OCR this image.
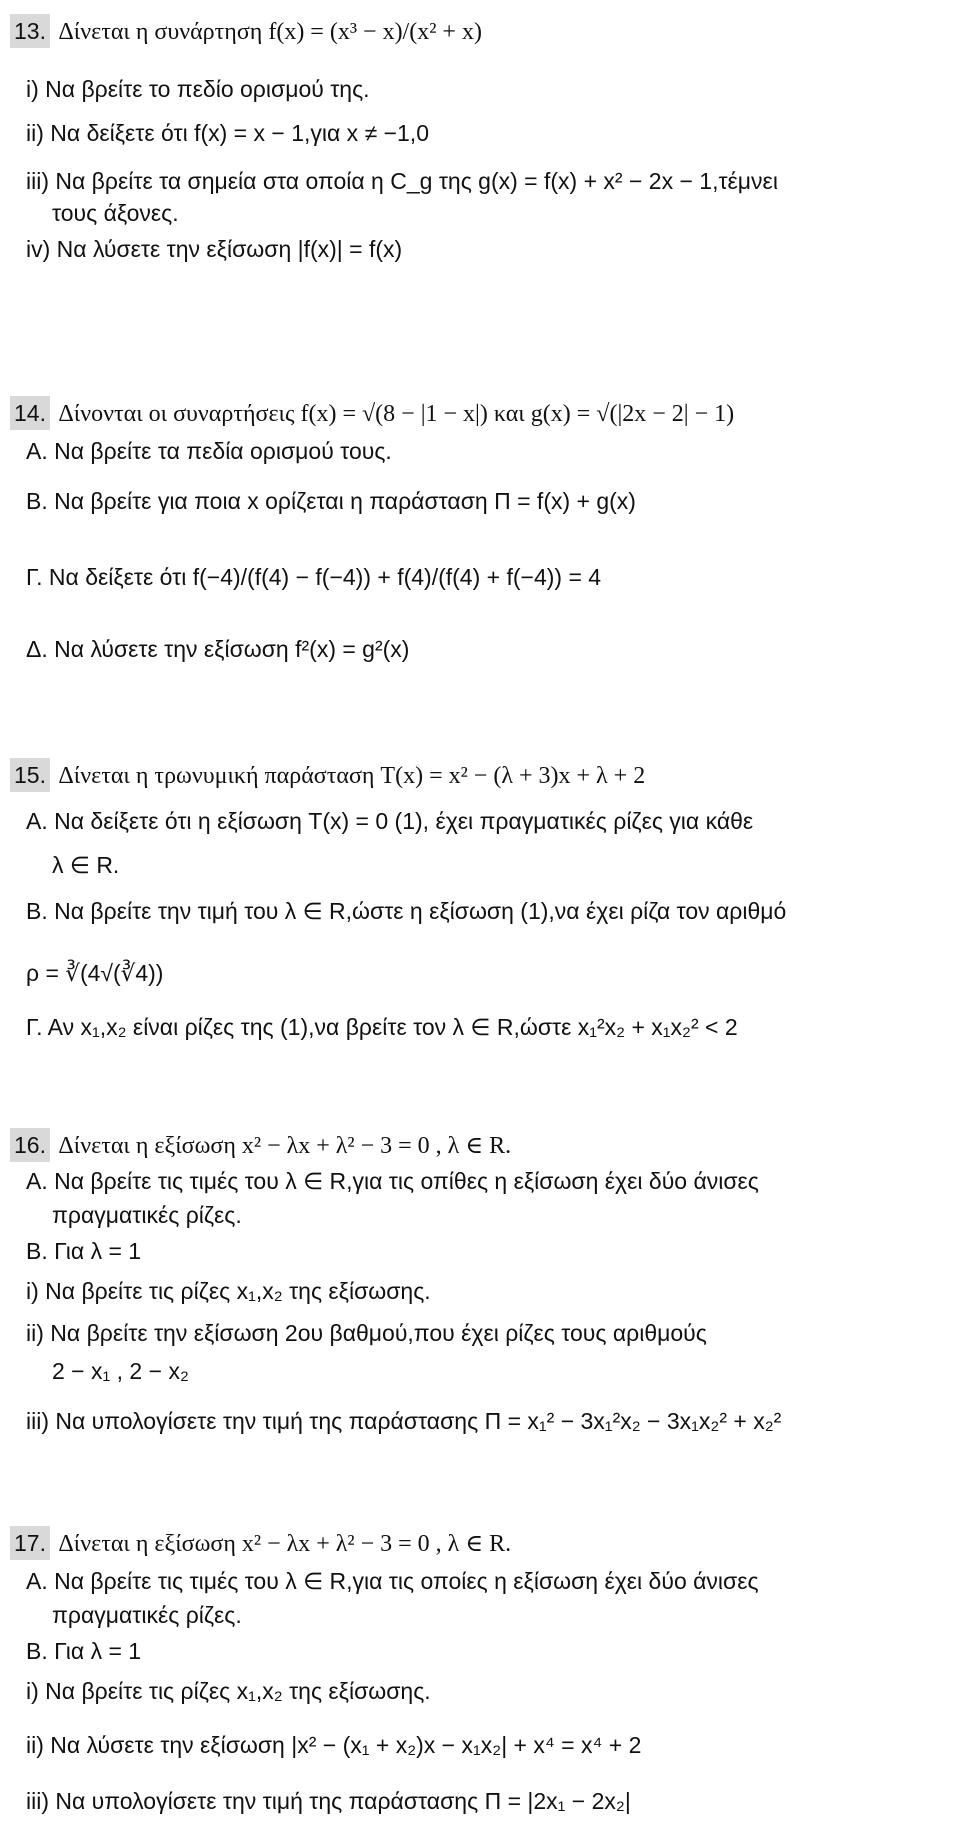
13. Δίνεται η συνάρτηση f(x) = (x³ − x)/(x² + x)
i) Να βρείτε το πεδίο ορισμού της.
ii) Να δείξετε ότι f(x) = x − 1,για x ≠ −1,0
iii) Να βρείτε τα σημεία στα οποία η C_g της g(x) = f(x) + x² − 2x − 1,τέμνει
τους άξονες.
iv) Να λύσετε την εξίσωση |f(x)| = f(x)
14. Δίνονται οι συναρτήσεις f(x) = √(8 − |1 − x|) και g(x) = √(|2x − 2| − 1)
Α. Να βρείτε τα πεδία ορισμού τους.
Β. Να βρείτε για ποια x ορίζεται η παράσταση Π = f(x) + g(x)
Γ. Να δείξετε ότι f(−4)/(f(4) − f(−4)) + f(4)/(f(4) + f(−4)) = 4
Δ. Να λύσετε την εξίσωση f²(x) = g²(x)
15. Δίνεται η τρωνυμική παράσταση T(x) = x² − (λ + 3)x + λ + 2
Α. Να δείξετε ότι η εξίσωση T(x) = 0 (1), έχει πραγματικές ρίζες για κάθε
λ ∈ R.
Β. Να βρείτε την τιμή του λ ∈ R,ώστε η εξίσωση (1),να έχει ρίζα τον αριθμό
ρ = ∛(4√(∛4))
Γ. Αν x₁,x₂ είναι ρίζες της (1),να βρείτε τον λ ∈ R,ώστε x₁²x₂ + x₁x₂² < 2
16. Δίνεται η εξίσωση x² − λx + λ² − 3 = 0 , λ ∈ R.
Α. Να βρείτε τις τιμές του λ ∈ R,για τις οπίθες η εξίσωση έχει δύο άνισες
πραγματικές ρίζες.
Β. Για λ = 1
i) Να βρείτε τις ρίζες x₁,x₂ της εξίσωσης.
ii) Να βρείτε την εξίσωση 2ου βαθμού,που έχει ρίζες τους αριθμούς
2 − x₁ , 2 − x₂
iii) Να υπολογίσετε την τιμή της παράστασης Π = x₁² − 3x₁²x₂ − 3x₁x₂² + x₂²
17. Δίνεται η εξίσωση x² − λx + λ² − 3 = 0 , λ ∈ R.
Α. Να βρείτε τις τιμές του λ ∈ R,για τις οποίες η εξίσωση έχει δύο άνισες
πραγματικές ρίζες.
Β. Για λ = 1
i) Να βρείτε τις ρίζες x₁,x₂ της εξίσωσης.
ii) Να λύσετε την εξίσωση |x² − (x₁ + x₂)x − x₁x₂| + x⁴ = x⁴ + 2
iii) Να υπολογίσετε την τιμή της παράστασης Π = |2x₁ − 2x₂|
